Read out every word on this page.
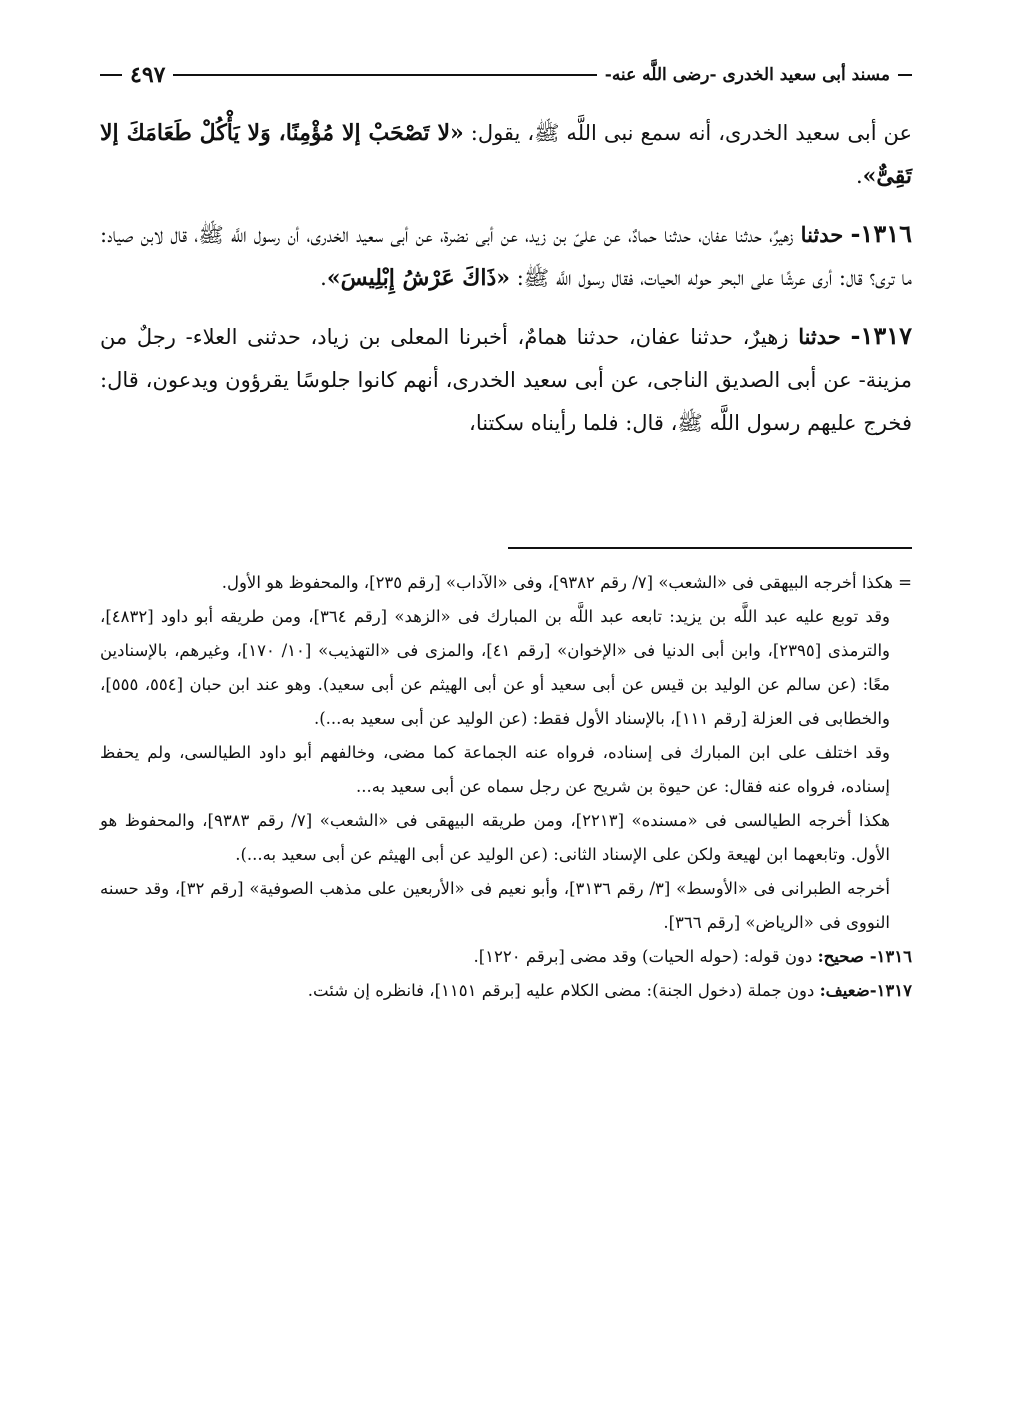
مسند أبى سعيد الخدرى -رضى اللَّه عنه-
٤٩٧

عن أبى سعيد الخدرى، أنه سمع نبى اللَّه ﷺ، يقول: «لا تَصْحَبْ إلا مُؤْمِنًا، وَلا يَأْكُلْ طَعَامَكَ إلا تَقِىٌّ».

١٣١٦- حدثنا زهيرٌ، حدثنا عفان، حدثنا حمادٌ، عن علىّ بن زيد، عن أبى نضرة، عن أبى سعيد الخدرى، أن رسول اللَّه ﷺ، قال لابن صياد: ما ترى؟ قال: أرى عرشًا على البحر حوله الحيات، فقال رسول اللَّه ﷺ: «ذَاكَ عَرْشُ إِبْلِيسَ».

١٣١٧- حدثنا زهيرٌ، حدثنا عفان، حدثنا همامٌ، أخبرنا المعلى بن زياد، حدثنى العلاء- رجلٌ من مزينة- عن أبى الصديق الناجى، عن أبى سعيد الخدرى، أنهم كانوا جلوسًا يقرؤون ويدعون، قال: فخرج عليهم رسول اللَّه ﷺ، قال: فلما رأيناه سكتنا،

= هكذا أخرجه البيهقى فى «الشعب» [٧/ رقم ٩٣٨٢]، وفى «الآداب» [رقم ٢٣٥]، والمحفوظ هو الأول.

وقد توبع عليه عبد اللَّه بن يزيد: تابعه عبد اللَّه بن المبارك فى «الزهد» [رقم ٣٦٤]، ومن طريقه أبو داود [٤٨٣٢]، والترمذى [٢٣٩٥]، وابن أبى الدنيا فى «الإخوان» [رقم ٤١]، والمزى فى «التهذيب» [١٠/ ١٧٠]، وغيرهم، بالإسنادين معًا: (عن سالم عن الوليد بن قيس عن أبى سعيد أو عن أبى الهيثم عن أبى سعيد). وهو عند ابن حبان [٥٥٤، ٥٥٥]، والخطابى فى العزلة [رقم ١١١]، بالإسناد الأول فقط: (عن الوليد عن أبى سعيد به...).

وقد اختلف على ابن المبارك فى إسناده، فرواه عنه الجماعة كما مضى، وخالفهم أبو داود الطيالسى، ولم يحفظ إسناده، فرواه عنه فقال: عن حيوة بن شريح عن رجل سماه عن أبى سعيد به...

هكذا أخرجه الطيالسى فى «مسنده» [٢٢١٣]، ومن طريقه البيهقى فى «الشعب» [٧/ رقم ٩٣٨٣]، والمحفوظ هو الأول. وتابعهما ابن لهيعة ولكن على الإسناد الثانى: (عن الوليد عن أبى الهيثم عن أبى سعيد به...).

أخرجه الطبرانى فى «الأوسط» [٣/ رقم ٣١٣٦]، وأبو نعيم فى «الأربعين على مذهب الصوفية» [رقم ٣٢]، وقد حسنه النووى فى «الرياض» [رقم ٣٦٦].

١٣١٦- صحيح: دون قوله: (حوله الحيات) وقد مضى [برقم ١٢٢٠].

١٣١٧-ضعيف: دون جملة (دخول الجنة): مضى الكلام عليه [برقم ١١٥١]، فانظره إن شئت.
